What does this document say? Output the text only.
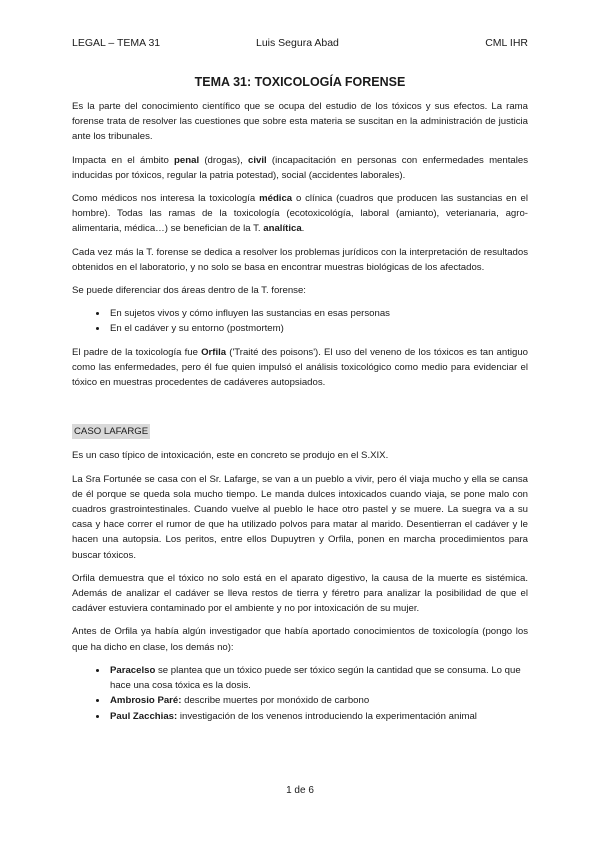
LEGAL – TEMA 31	Luis Segura Abad	CML IHR
TEMA 31: TOXICOLOGÍA FORENSE

Es la parte del conocimiento científico que se ocupa del estudio de los tóxicos y sus efectos. La rama forense trata de resolver las cuestiones que sobre esta materia se suscitan en la administración de justicia ante los tribunales.

Impacta en el ámbito penal (drogas), civil (incapacitación en personas con enfermedades mentales inducidas por tóxicos, regular la patria potestad), social (accidentes laborales).

Como médicos nos interesa la toxicología médica o clínica (cuadros que producen las sustancias en el hombre). Todas las ramas de la toxicología (ecotoxicológía, laboral (amianto), veterianaria, agro-alimentaria, médica…) se benefician de la T. analítica.

Cada vez más la T. forense se dedica a resolver los problemas jurídicos con la interpretación de resultados obtenidos en el laboratorio, y no solo se basa en encontrar muestras biológicas de los afectados.

Se puede diferenciar dos áreas dentro de la T. forense:

• En sujetos vivos y cómo influyen las sustancias en esas personas
• En el cadáver y su entorno (postmortem)

El padre de la toxicología fue Orfila ('Traité des poisons'). El uso del veneno de los tóxicos es tan antiguo como las enfermedades, pero él fue quien impulsó el análisis toxicológico como medio para evidenciar el tóxico en muestras procedentes de cadáveres autopsiados.

CASO LAFARGE

Es un caso típico de intoxicación, este en concreto se produjo en el S.XIX.

La Sra Fortunée se casa con el Sr. Lafarge, se van a un pueblo a vivir, pero él viaja mucho y ella se cansa de él porque se queda sola mucho tiempo. Le manda dulces intoxicados cuando viaja, se pone malo con cuadros grastrointestinales. Cuando vuelve al pueblo le hace otro pastel y se muere. La suegra va a su casa y hace correr el rumor de que ha utilizado polvos para matar al marido. Desentierran el cadáver y le hacen una autopsia. Los peritos, entre ellos Dupuytren y Orfila, ponen en marcha procedimientos para buscar tóxicos.

Orfila demuestra que el tóxico no solo está en el aparato digestivo, la causa de la muerte es sistémica. Además de analizar el cadáver se lleva restos de tierra y féretro para analizar la posibilidad de que el cadáver estuviera contaminado por el ambiente y no por intoxicación de su mujer.

Antes de Orfila ya había algún investigador que había aportado conocimientos de toxicología (pongo los que ha dicho en clase, los demás no):

• Paracelso se plantea que un tóxico puede ser tóxico según la cantidad que se consuma. Lo que hace una cosa tóxica es la dosis.
• Ambrosio Paré: describe muertes por monóxido de carbono
• Paul Zacchias: investigación de los venenos introduciendo la experimentación animal
1 de 6
